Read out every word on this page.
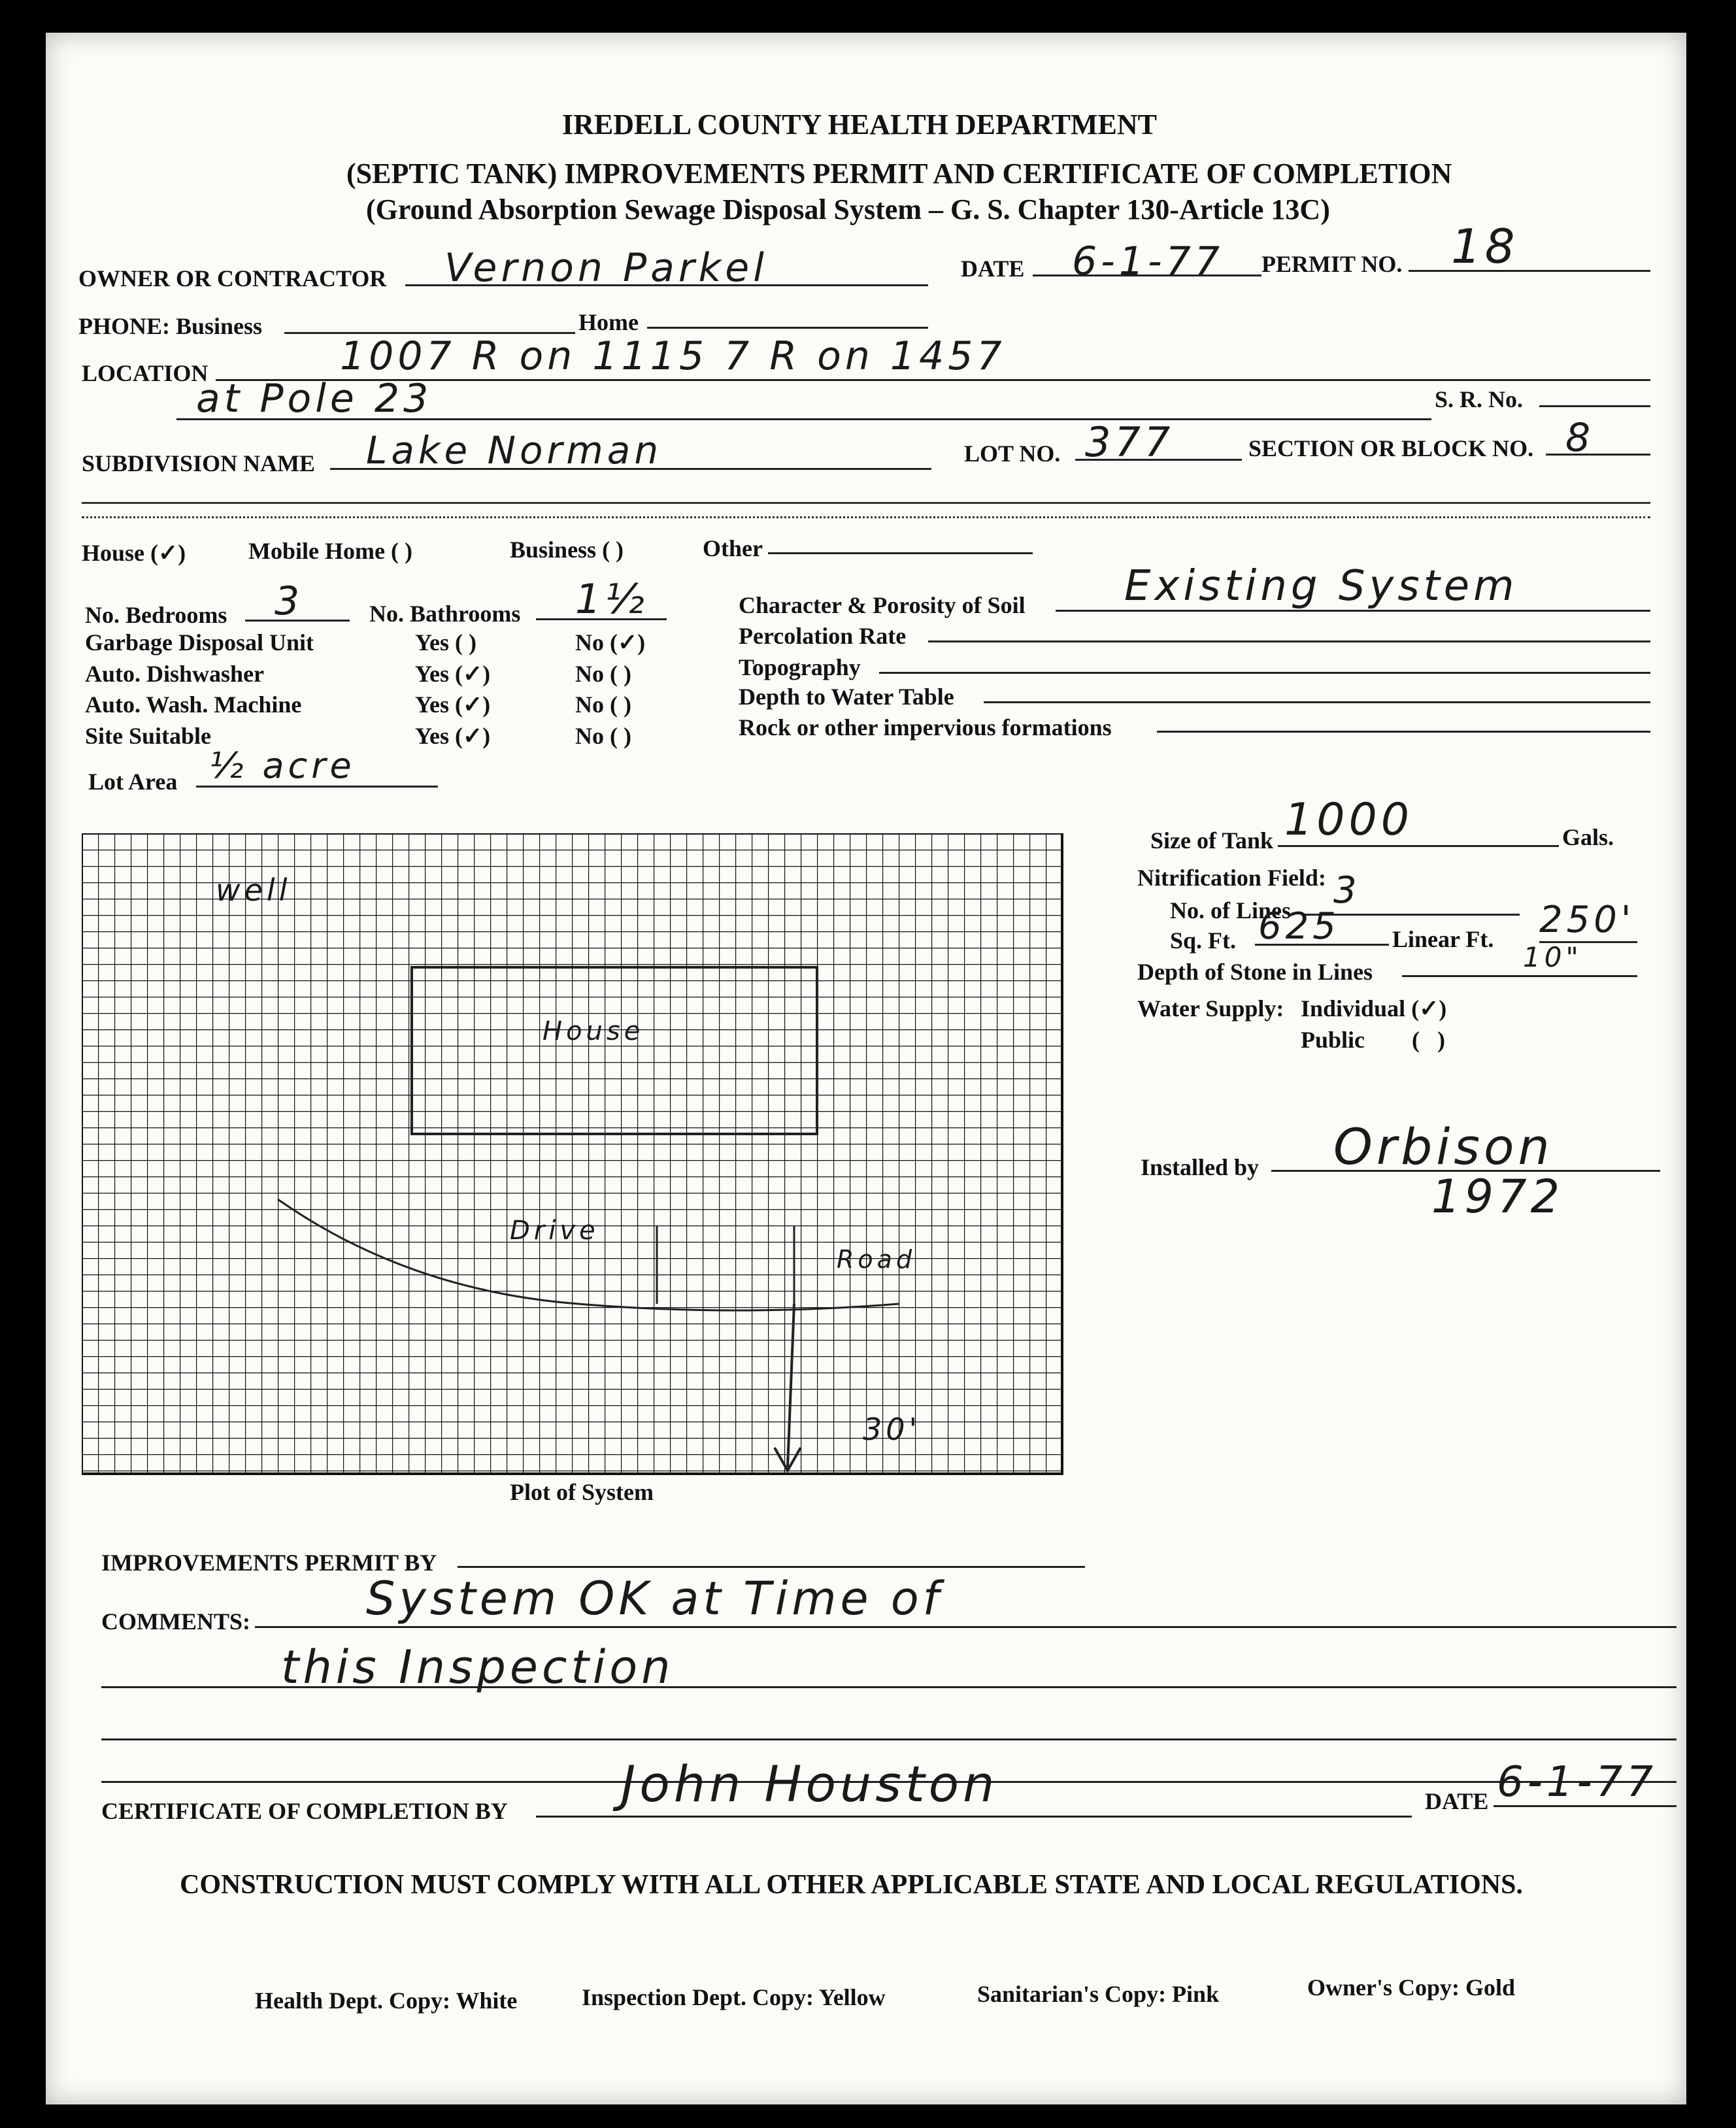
IREDELL COUNTY HEALTH DEPARTMENT
(SEPTIC TANK) IMPROVEMENTS PERMIT AND CERTIFICATE OF COMPLETION
(Ground Absorption Sewage Disposal System – G. S. Chapter 130-Article 13C)
OWNER OR CONTRACTOR Vernon Parkel	DATE 6-1-77 PERMIT NO. 18
PHONE: Business	Home
LOCATION	1007 R on 1115 7 R on 1457
at Pole 23	S. R. No.
SUBDIVISION NAME Lake Norman	LOT NO. 377	SECTION OR BLOCK NO. 8
House (✓)	Mobile Home ( )	Business ( )	Other
No. Bedrooms 3	No. Bathrooms 1½
Garbage Disposal Unit	Yes ( )	No (✓)
Auto. Dishwasher	Yes (✓)	No ( )
Auto. Wash. Machine	Yes (✓)	No ( )
Site Suitable	Yes (✓)	No ( )
Lot Area ½ acre
Character & Porosity of Soil Existing System
Percolation Rate
Topography
Depth to Water Table
Rock or other impervious formations
well
House
Drive
Road
30'
Plot of System
Size of Tank 1000	Gals.
Nitrification Field:
No. of Lines 3
Sq. Ft. 625 Linear Ft. 250'
Depth of Stone in Lines	10"
Water Supply: Individual (✓)
Public        (   )
Installed by Orbison
1972
IMPROVEMENTS PERMIT BY
COMMENTS:	System OK at Time of
this Inspection
CERTIFICATE OF COMPLETION BY John Houston	DATE 6-1-77
CONSTRUCTION MUST COMPLY WITH ALL OTHER APPLICABLE STATE AND LOCAL REGULATIONS.
Health Dept. Copy: White	Inspection Dept. Copy: Yellow	Sanitarian's Copy: Pink	Owner's Copy: Gold
